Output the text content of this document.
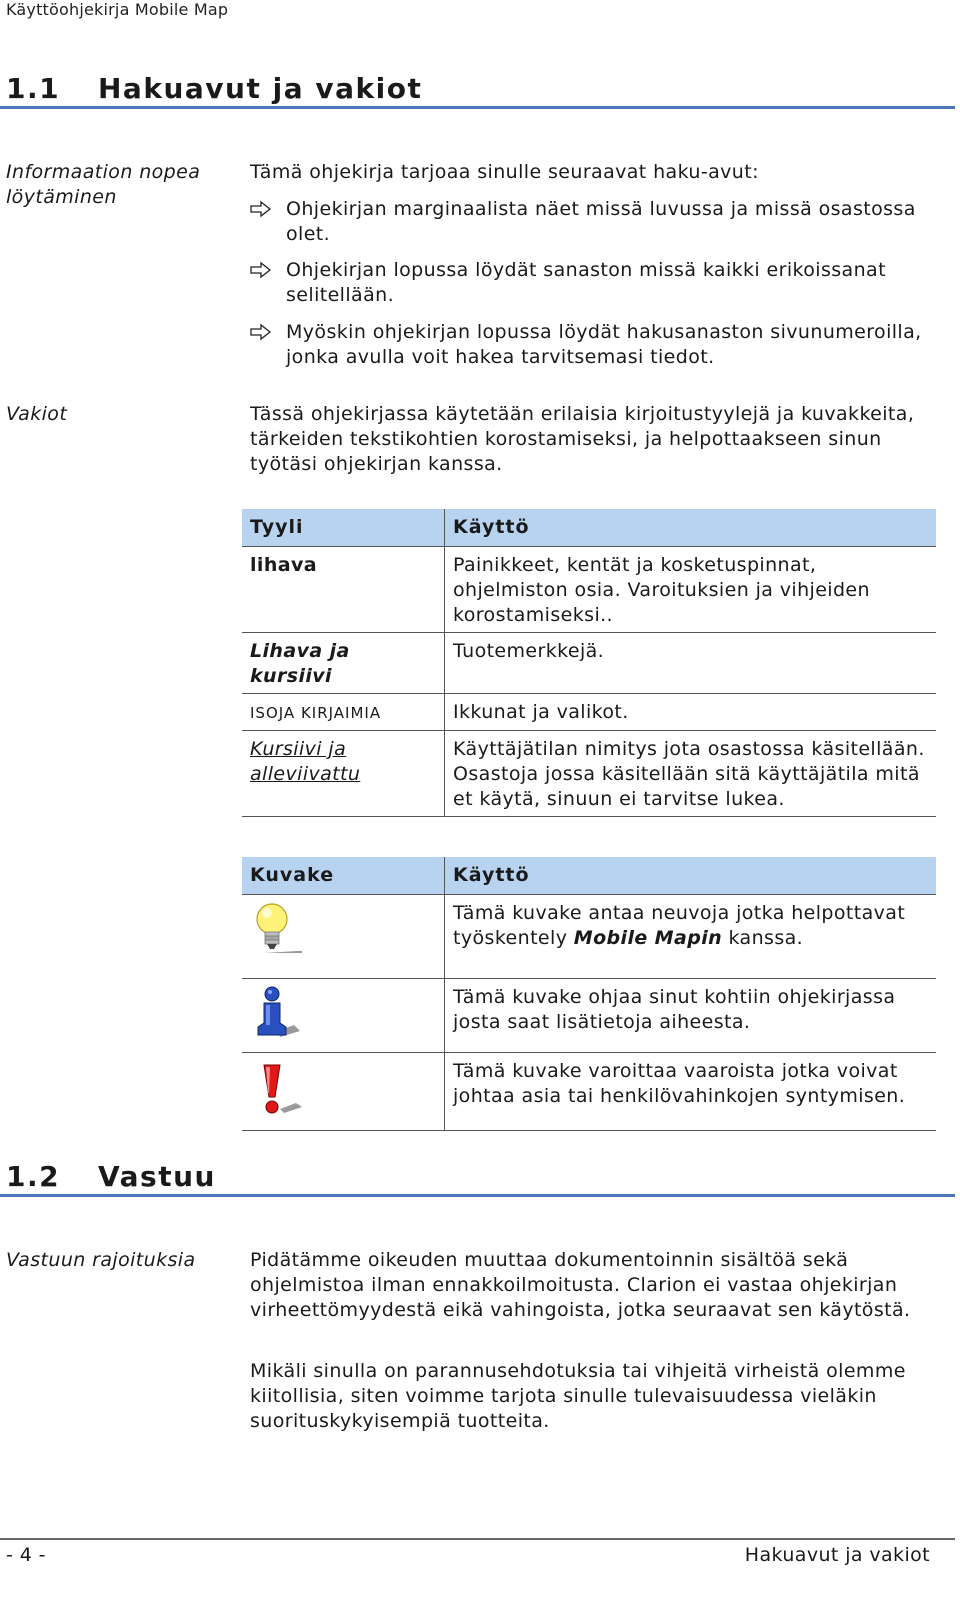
Käyttöohjekirja Mobile Map
1.1 Hakuavut ja vakiot
Informaation nopea löytäminen
Tämä ohjekirja tarjoaa sinulle seuraavat haku-avut:
Ohjekirjan marginaalista näet missä luvussa ja missä osastossa olet.
Ohjekirjan lopussa löydät sanaston missä kaikki erikoissanat selitellään.
Myöskin ohjekirjan lopussa löydät hakusanaston sivunumeroilla, jonka avulla voit hakea tarvitsemasi tiedot.
Vakiot	Tässä ohjekirjassa käytetään erilaisia kirjoitustyylejä ja kuvakkeita, tärkeiden tekstikohtien korostamiseksi, ja helpottaakseen sinun työtäsi ohjekirjan kanssa.
Tyyli	Käyttö
lihava	Painikkeet, kentät ja kosketuspinnat, ohjelmiston osia. Varoituksien ja vihjeiden korostamiseksi..
Lihava ja kursiivi	Tuotemerkkejä.
ISOJA KIRJAIMIA	Ikkunat ja valikot.
Kursiivi ja alleviivattu	Käyttäjätilan nimitys jota osastossa käsitellään. Osastoja jossa käsitellään sitä käyttäjätila mitä et käytä, sinuun ei tarvitse lukea.
Kuvake	Käyttö
	Tämä kuvake antaa neuvoja jotka helpottavat työskentely Mobile Mapin kanssa.
	Tämä kuvake ohjaa sinut kohtiin ohjekirjassa josta saat lisätietoja aiheesta.
	Tämä kuvake varoittaa vaaroista jotka voivat johtaa asia tai henkilövahinkojen syntymisen.
1.2 Vastuu
Vastuun rajoituksia	Pidätämme oikeuden muuttaa dokumentoinnin sisältöä sekä ohjelmistoa ilman ennakkoilmoitusta. Clarion ei vastaa ohjekirjan virheettömyydestä eikä vahingoista, jotka seuraavat sen käytöstä.
Mikäli sinulla on parannusehdotuksia tai vihjeitä virheistä olemme kiitollisia, siten voimme tarjota sinulle tulevaisuudessa vieläkin suorituskykyisempiä tuotteita.
- 4 -	Hakuavut ja vakiot
